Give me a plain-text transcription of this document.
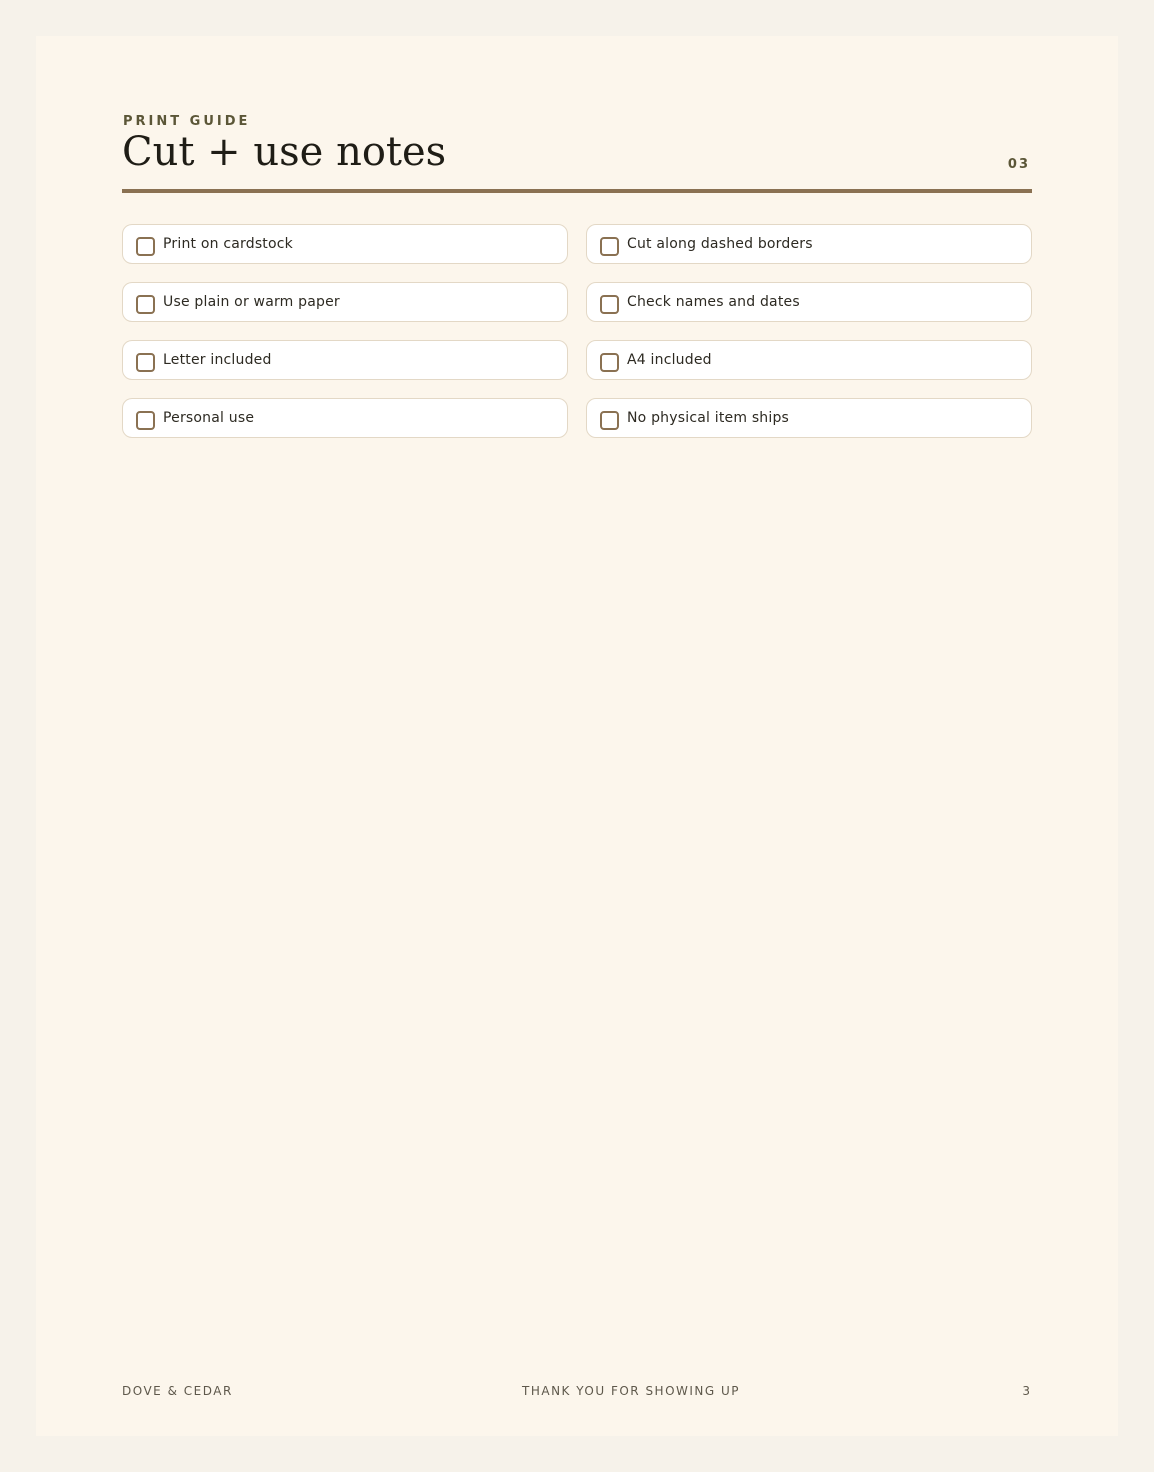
PRINT GUIDE
Cut + use notes	03
Print on cardstock	Cut along dashed borders
Use plain or warm paper	Check names and dates
Letter included	A4 included
Personal use	No physical item ships
DOVE & CEDAR	THANK YOU FOR SHOWING UP	3
